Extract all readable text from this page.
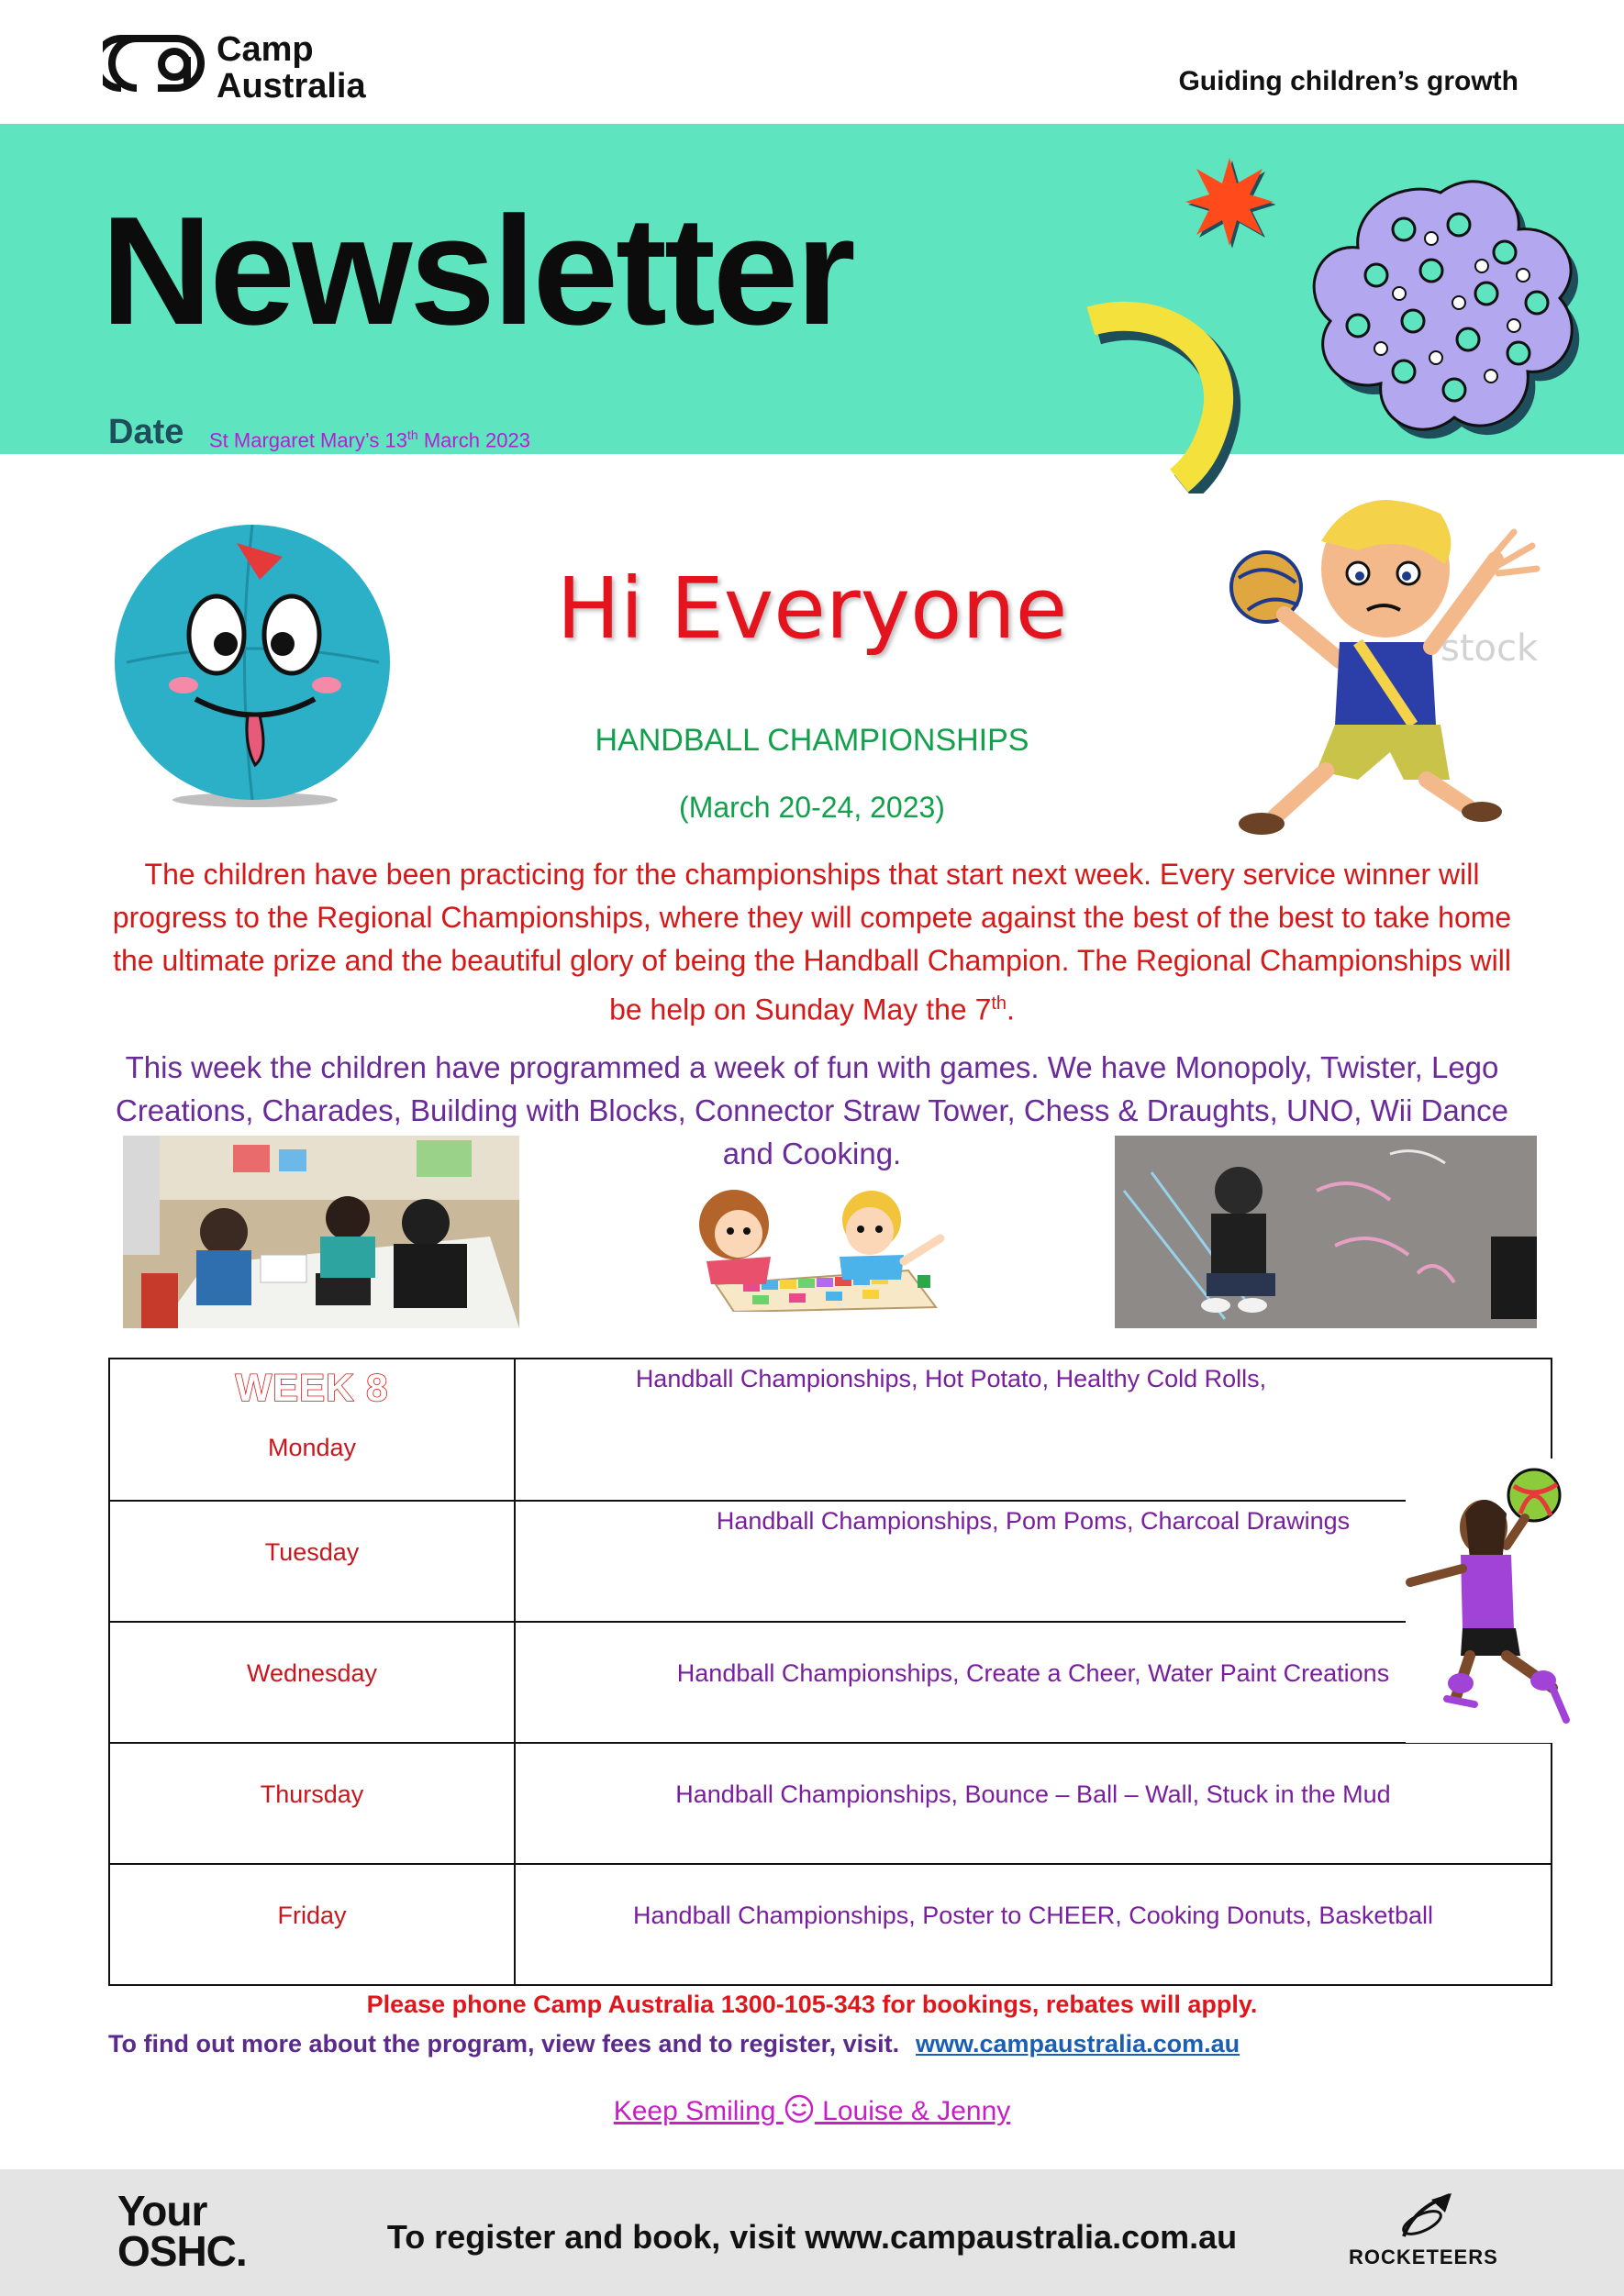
Camp
Australia	Guiding children’s growth
Newsletter
Date St Margaret Mary’s 13th March 2023
stock
Hi Everyone
HANDBALL CHAMPIONSHIPS
(March 20-24, 2023)
The children have been practicing for the championships that start next week. Every service winner will progress to the Regional Championships, where they will compete against the best of the best to take home the ultimate prize and the beautiful glory of being the Handball Champion. The Regional Championships will be help on Sunday May the 7th.
This week the children have programmed a week of fun with games. We have Monopoly, Twister, Lego Creations, Charades, Building with Blocks, Connector Straw Tower, Chess & Draughts, UNO, Wii Dance and Cooking.
WEEK 8
Monday	Handball Championships, Hot Potato, Healthy Cold Rolls,
Tuesday	Handball Championships, Pom Poms, Charcoal Drawings
Wednesday	Handball Championships, Create a Cheer, Water Paint Creations
Thursday	Handball Championships, Bounce – Ball – Wall, Stuck in the Mud
Friday	Handball Championships, Poster to CHEER, Cooking Donuts, Basketball
Please phone Camp Australia 1300-105-343 for bookings, rebates will apply.
To find out more about the program, view fees and to register, visit. www.campaustralia.com.au
Keep Smiling  Louise & Jenny
Your
OSHC.	To register and book, visit www.campaustralia.com.au
ROCKETEERS
